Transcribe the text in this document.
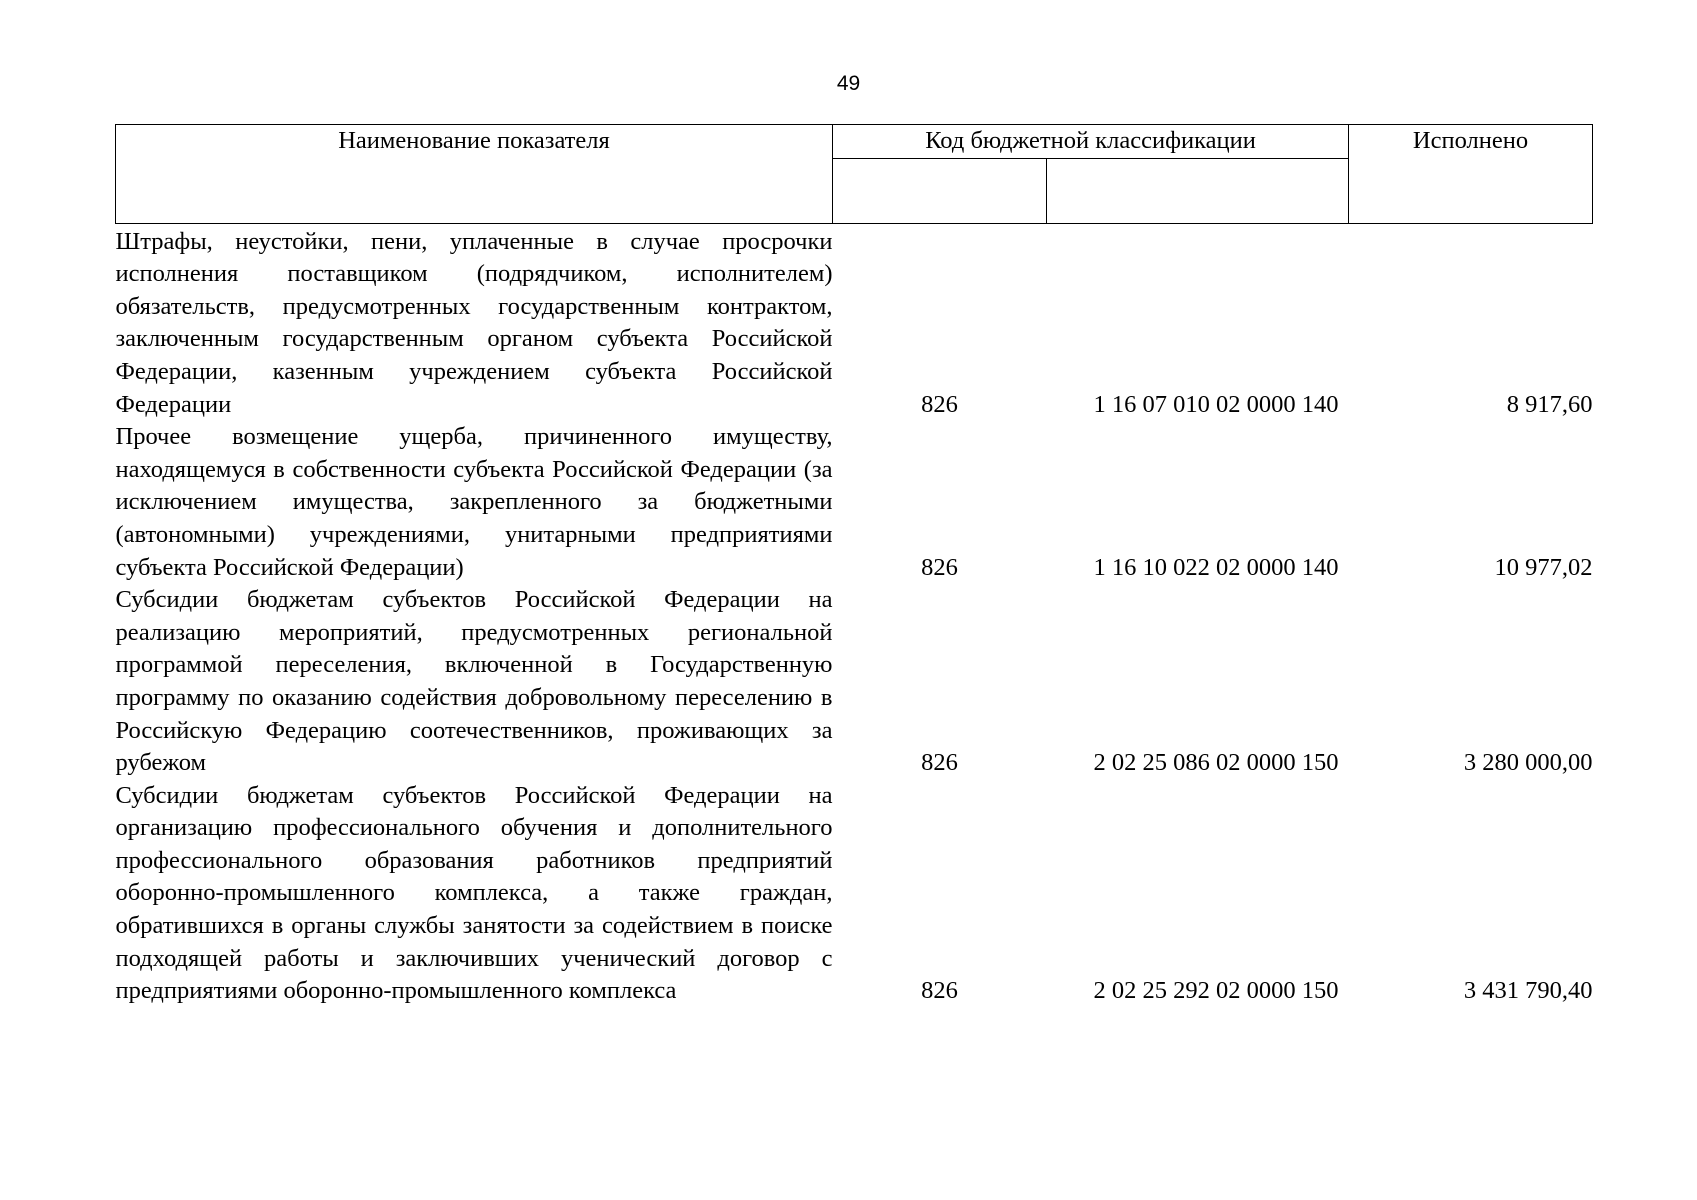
49
Наименование показателя	Код бюджетной классификации		Исполнено

Штрафы, неустойки, пени, уплаченные в случае просрочки исполнения поставщиком (подрядчиком, исполнителем) обязательств, предусмотренных государственным контрактом, заключенным государственным органом субъекта Российской Федерации, казенным учреждением субъекта Российской Федерации	826	1 16 07 010 02 0000 140	8 917,60
Прочее возмещение ущерба, причиненного имуществу, находящемуся в собственности субъекта Российской Федерации (за исключением имущества, закрепленного за бюджетными (автономными) учреждениями, унитарными предприятиями субъекта Российской Федерации)	826	1 16 10 022 02 0000 140	10 977,02
Субсидии бюджетам субъектов Российской Федерации на реализацию мероприятий, предусмотренных региональной программой переселения, включенной в Государственную программу по оказанию содействия добровольному переселению в Российскую Федерацию соотечественников, проживающих за рубежом	826	2 02 25 086 02 0000 150	3 280 000,00
Субсидии бюджетам субъектов Российской Федерации на организацию профессионального обучения и дополнительного профессионального образования работников предприятий оборонно-промышленного комплекса, а также граждан, обратившихся в органы службы занятости за содействием в поиске подходящей работы и заключивших ученический договор с предприятиями оборонно-промышленного комплекса	826	2 02 25 292 02 0000 150	3 431 790,40
